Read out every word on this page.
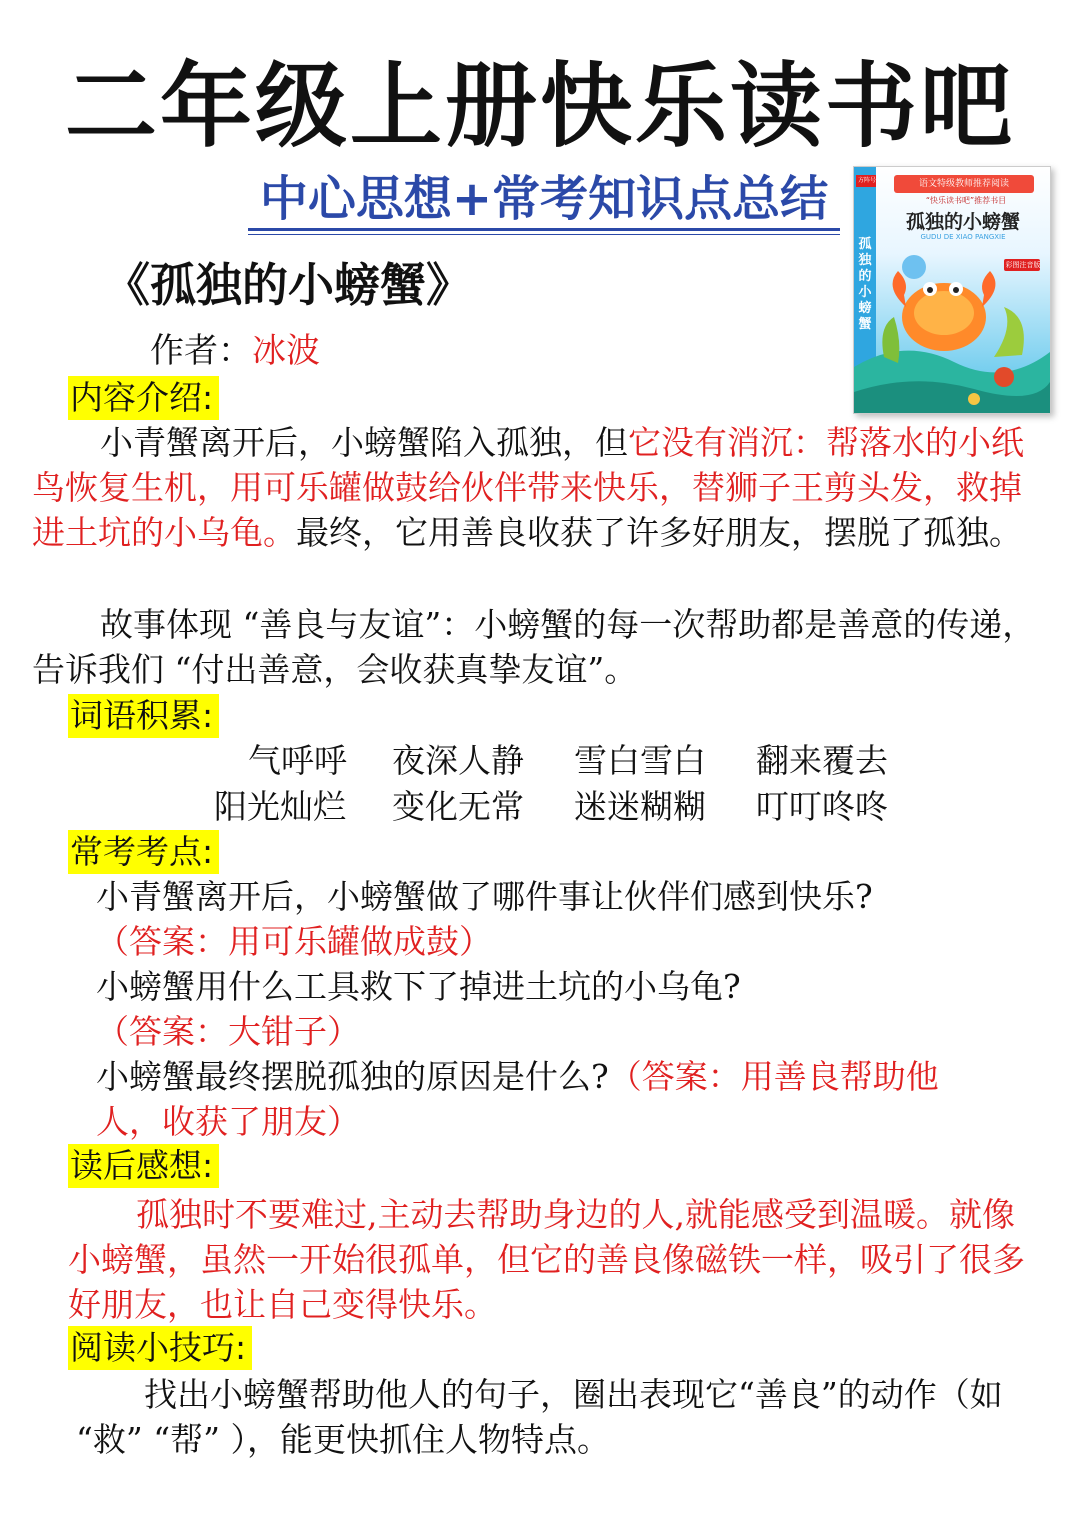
二年级上册快乐读书吧
中心思想+常考知识点总结
《孤独的小螃蟹》
作者：冰波
方阵号	语文特级教师推荐阅读
“快乐读书吧”推荐书目
孤独的小螃蟹
GUDU DE XIAO PANGXIE
彩图注音版
孤独的小螃蟹
内容介绍:

小青蟹离开后，小螃蟹陷入孤独，但它没有消沉：帮落水的小纸鸟恢复生机，用可乐罐做鼓给伙伴带来快乐，替狮子王剪头发，救掉进土坑的小乌龟。最终，它用善良收获了许多好朋友，摆脱了孤独。

故事体现 “善良与友谊”：小螃蟹的每一次帮助都是善意的传递，告诉我们 “付出善意，会收获真挚友谊”。

词语积累:
气呼呼 夜深人静 雪白雪白 翻来覆去
阳光灿烂 变化无常 迷迷糊糊 叮叮咚咚
常考考点:

小青蟹离开后，小螃蟹做了哪件事让伙伴们感到快乐?

（答案：用可乐罐做成鼓）

小螃蟹用什么工具救下了掉进土坑的小乌龟?

（答案：大钳子）

小螃蟹最终摆脱孤独的原因是什么?（答案：用善良帮助他

人，收获了朋友）

读后感想:

孤独时不要难过,主动去帮助身边的人,就能感受到温暖。就像小螃蟹，虽然一开始很孤单，但它的善良像磁铁一样，吸引了很多好朋友，也让自己变得快乐。

阅读小技巧:

找出小螃蟹帮助他人的句子，圈出表现它“善良”的动作（如 “救” “帮” ），能更快抓住人物特点。
